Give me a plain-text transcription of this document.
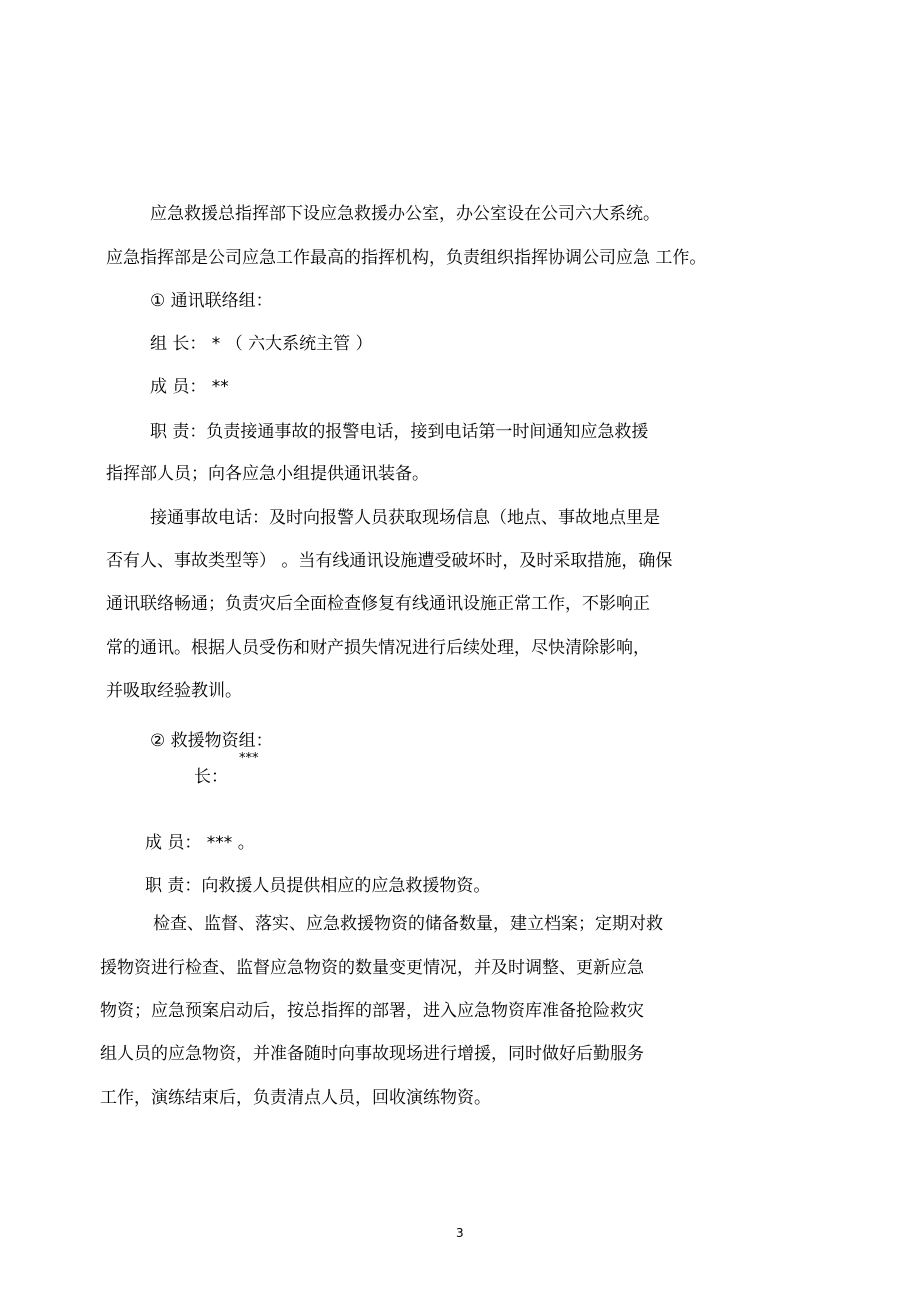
应急救援总指挥部下设应急救援办公室，办公室设在公司六大系统。
应急指挥部是公司应急工作最高的指挥机构，负责组织指挥协调公司应急 工作。
① 通讯联络组：
组 长： * （ 六大系统主管 ）
成 员： **
职 责：负责接通事故的报警电话，接到电话第一时间通知应急救援
指挥部人员；向各应急小组提供通讯装备。
接通事故电话：及时向报警人员获取现场信息（地点、事故地点里是
否有人、事故类型等） 。当有线通讯设施遭受破坏时，及时采取措施，确保
通讯联络畅通；负责灾后全面检查修复有线通讯设施正常工作，不影响正
常的通讯。根据人员受伤和财产损失情况进行后续处理，尽快清除影响，
并吸取经验教训。
② 救援物资组：
***
长：
成 员： *** 。
职 责：向救援人员提供相应的应急救援物资。
检查、监督、落实、应急救援物资的储备数量，建立档案；定期对救
援物资进行检查、监督应急物资的数量变更情况，并及时调整、更新应急
物资；应急预案启动后，按总指挥的部署，进入应急物资库准备抢险救灾
组人员的应急物资，并准备随时向事故现场进行增援，同时做好后勤服务
工作，演练结束后，负责清点人员，回收演练物资。
3
